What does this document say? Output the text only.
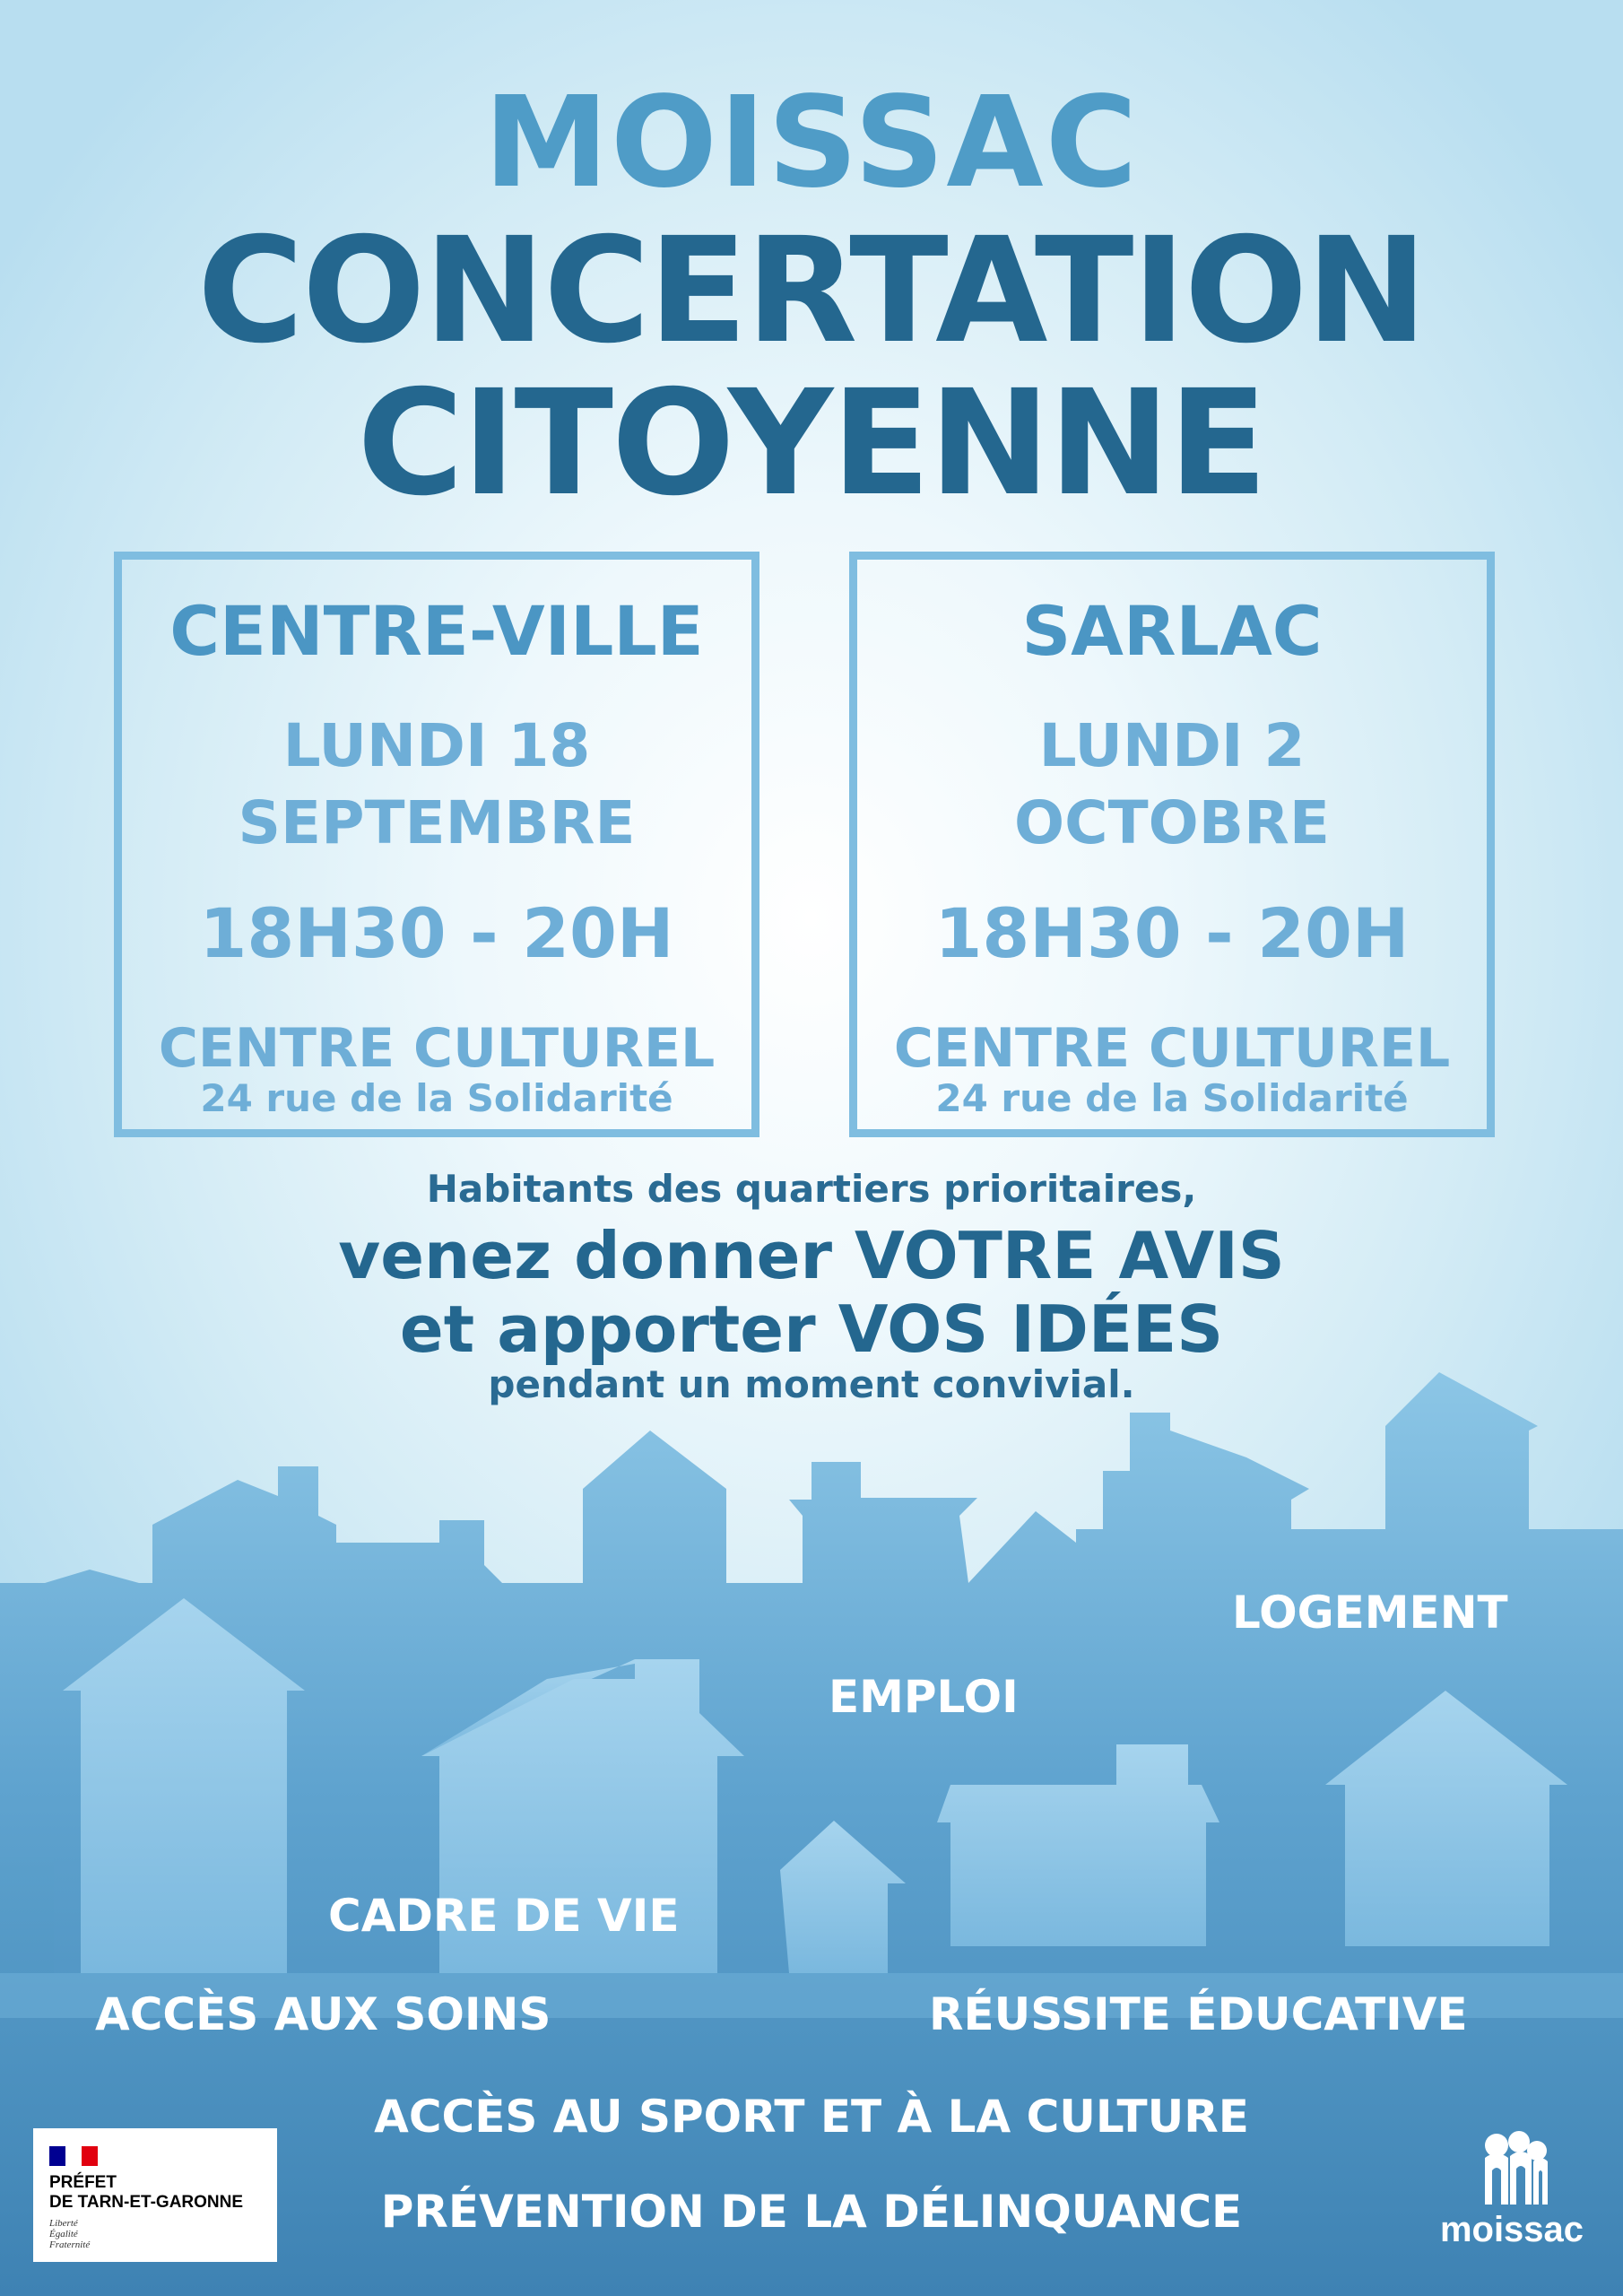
MOISSAC
CONCERTATION
CITOYENNE
CENTRE-VILLE
LUNDI 18
SEPTEMBRE
18H30 - 20H
CENTRE CULTUREL
24 rue de la Solidarité
SARLAC
LUNDI 2
OCTOBRE
18H30 - 20H
CENTRE CULTUREL
24 rue de la Solidarité
Habitants des quartiers prioritaires,
venez donner VOTRE AVIS
et apporter VOS IDÉES
pendant un moment convivial.
LOGEMENT
EMPLOI
CADRE DE VIE
ACCÈS AUX SOINS	RÉUSSITE ÉDUCATIVE
ACCÈS AU SPORT ET À LA CULTURE
PRÉVENTION DE LA DÉLINQUANCE
PRÉFET
DE TARN-ET-GARONNE
Liberté
Égalité
Fraternité	moissac
